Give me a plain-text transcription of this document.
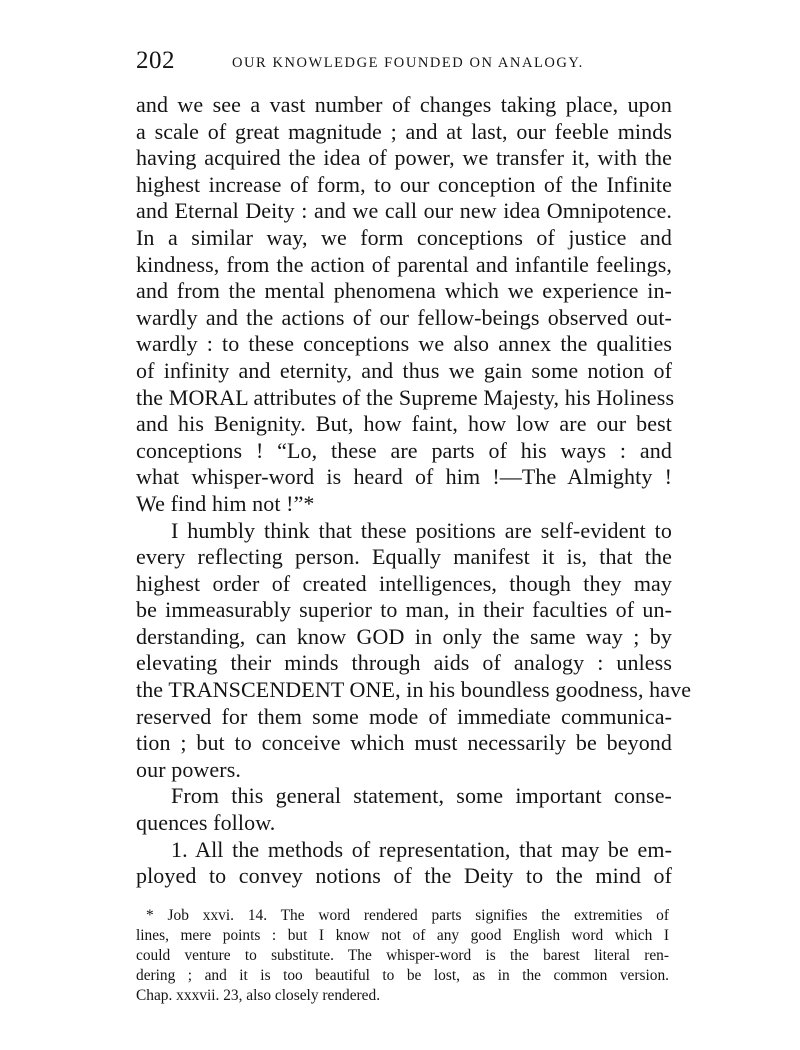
202	OUR KNOWLEDGE FOUNDED ON ANALOGY.
and we see a vast number of changes taking place, upon
a scale of great magnitude ; and at last, our feeble minds
having acquired the idea of power, we transfer it, with the
highest increase of form, to our conception of the Infinite
and Eternal Deity : and we call our new idea Omnipotence.
In a similar way, we form conceptions of justice and
kindness, from the action of parental and infantile feelings,
and from the mental phenomena which we experience in-
wardly and the actions of our fellow-beings observed out-
wardly : to these conceptions we also annex the qualities
of infinity and eternity, and thus we gain some notion of
the MORAL attributes of the Supreme Majesty, his Holiness
and his Benignity. But, how faint, how low are our best
conceptions ! “Lo, these are parts of his ways : and
what whisper-word is heard of him !—The Almighty !
We find him not !”*
I humbly think that these positions are self-evident to
every reflecting person. Equally manifest it is, that the
highest order of created intelligences, though they may
be immeasurably superior to man, in their faculties of un-
derstanding, can know GOD in only the same way ; by
elevating their minds through aids of analogy : unless
the TRANSCENDENT ONE, in his boundless goodness, have
reserved for them some mode of immediate communica-
tion ; but to conceive which must necessarily be beyond
our powers.
From this general statement, some important conse-
quences follow.
1. All the methods of representation, that may be em-
ployed to convey notions of the Deity to the mind of
* Job xxvi. 14. The word rendered parts signifies the extremities of
lines, mere points : but I know not of any good English word which I
could venture to substitute. The whisper-word is the barest literal ren-
dering ; and it is too beautiful to be lost, as in the common version.
Chap. xxxvii. 23, also closely rendered.
